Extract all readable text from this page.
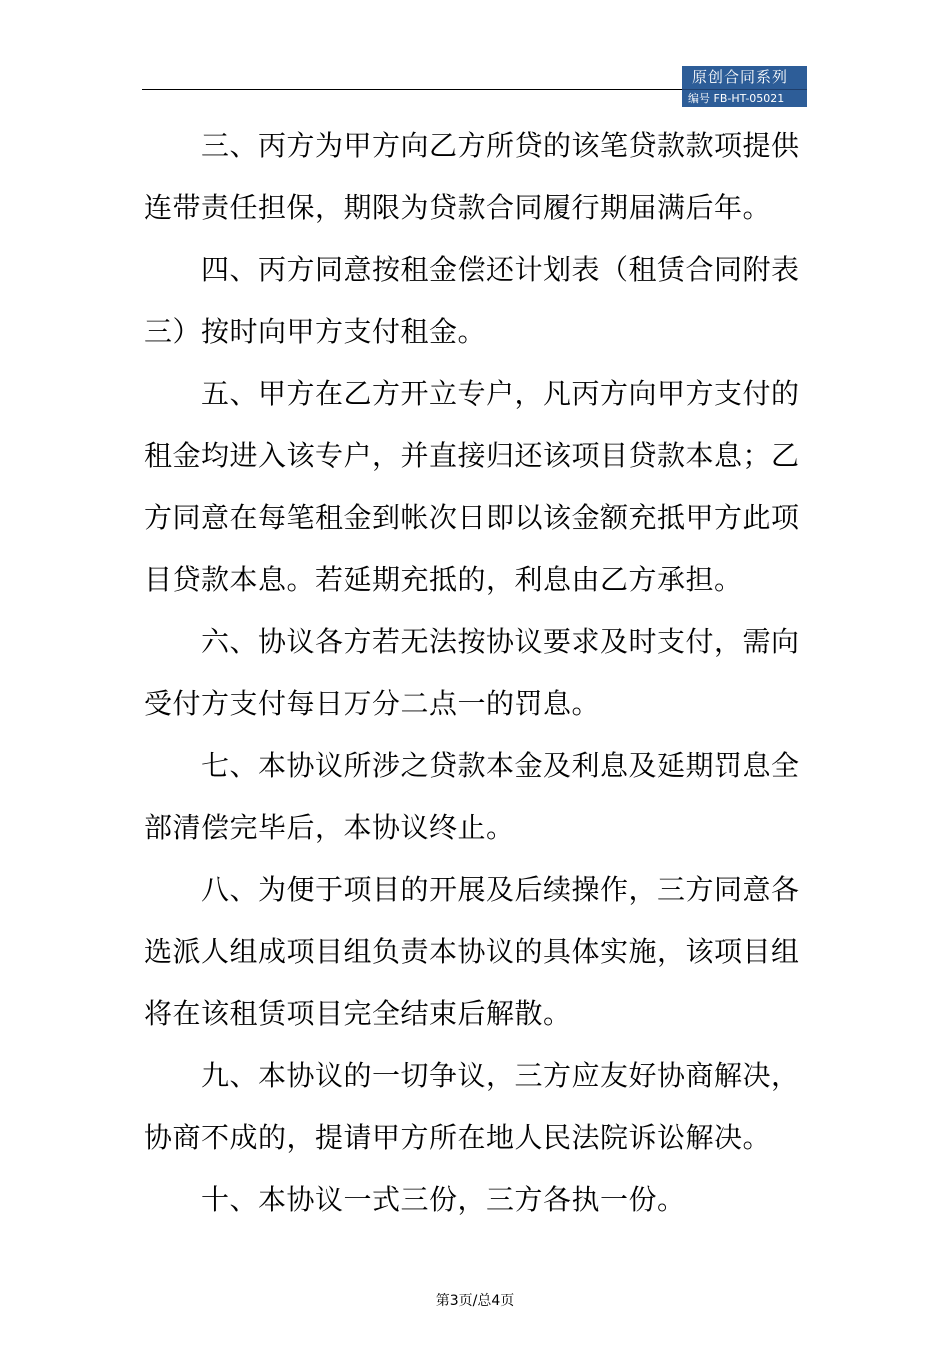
原创合同系列
编号 FB-HT-05021
三、丙方为甲方向乙方所贷的该笔贷款款项提供
连带责任担保，期限为贷款合同履行期届满后年。
四、丙方同意按租金偿还计划表（租赁合同附表
三）按时向甲方支付租金。
五、甲方在乙方开立专户，凡丙方向甲方支付的
租金均进入该专户，并直接归还该项目贷款本息；乙
方同意在每笔租金到帐次日即以该金额充抵甲方此项
目贷款本息。若延期充抵的，利息由乙方承担。
六、协议各方若无法按协议要求及时支付，需向
受付方支付每日万分二点一的罚息。
七、本协议所涉之贷款本金及利息及延期罚息全
部清偿完毕后，本协议终止。
八、为便于项目的开展及后续操作，三方同意各
选派人组成项目组负责本协议的具体实施，该项目组
将在该租赁项目完全结束后解散。
九、本协议的一切争议，三方应友好协商解决，
协商不成的，提请甲方所在地人民法院诉讼解决。
十、本协议一式三份，三方各执一份。
第3页/总4页
